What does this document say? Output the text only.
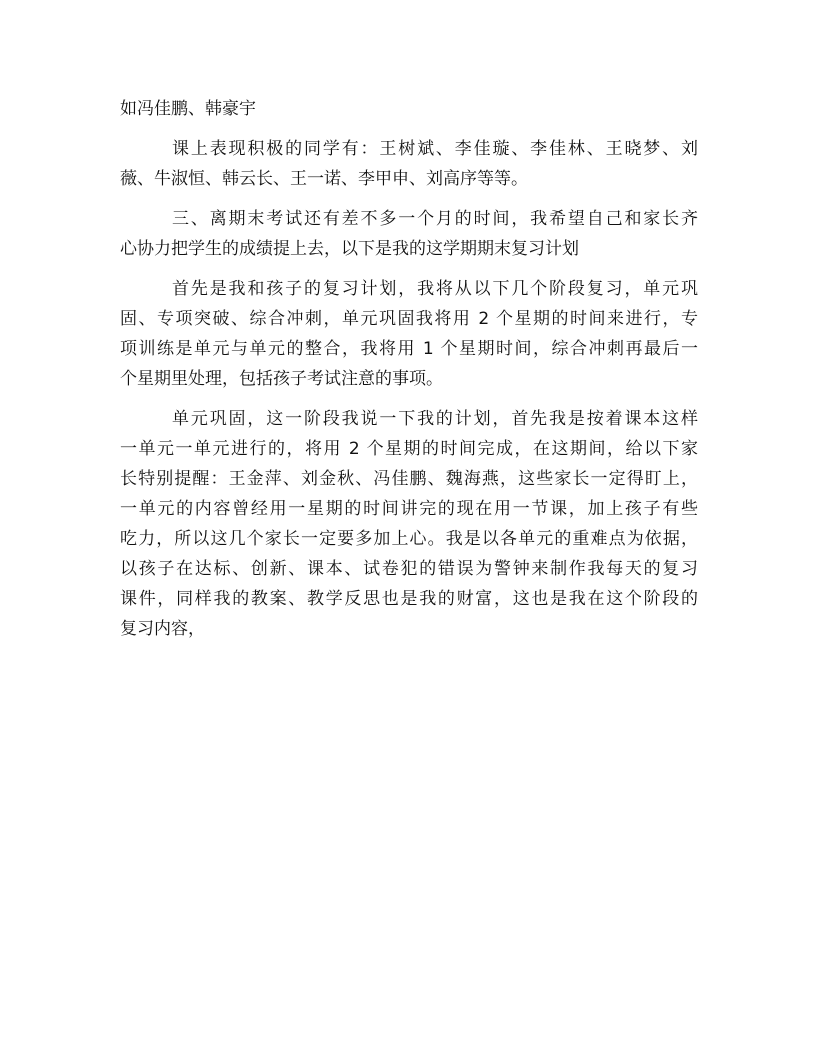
如冯佳鹏、韩豪宇
课上表现积极的同学有：王树斌、李佳璇、李佳林、王晓梦、刘
薇、牛淑恒、韩云长、王一诺、李甲申、刘高序等等。
三、离期末考试还有差不多一个月的时间，我希望自己和家长齐
心协力把学生的成绩提上去，以下是我的这学期期末复习计划
首先是我和孩子的复习计划，我将从以下几个阶段复习，单元巩
固、专项突破、综合冲刺，单元巩固我将用 2 个星期的时间来进行，专
项训练是单元与单元的整合，我将用 1 个星期时间，综合冲刺再最后一
个星期里处理，包括孩子考试注意的事项。
单元巩固，这一阶段我说一下我的计划，首先我是按着课本这样
一单元一单元进行的，将用 2 个星期的时间完成，在这期间，给以下家
长特别提醒：王金萍、刘金秋、冯佳鹏、魏海燕，这些家长一定得盯上，
一单元的内容曾经用一星期的时间讲完的现在用一节课，加上孩子有些
吃力，所以这几个家长一定要多加上心。我是以各单元的重难点为依据，
以孩子在达标、创新、课本、试卷犯的错误为警钟来制作我每天的复习
课件，同样我的教案、教学反思也是我的财富，这也是我在这个阶段的
复习内容，
